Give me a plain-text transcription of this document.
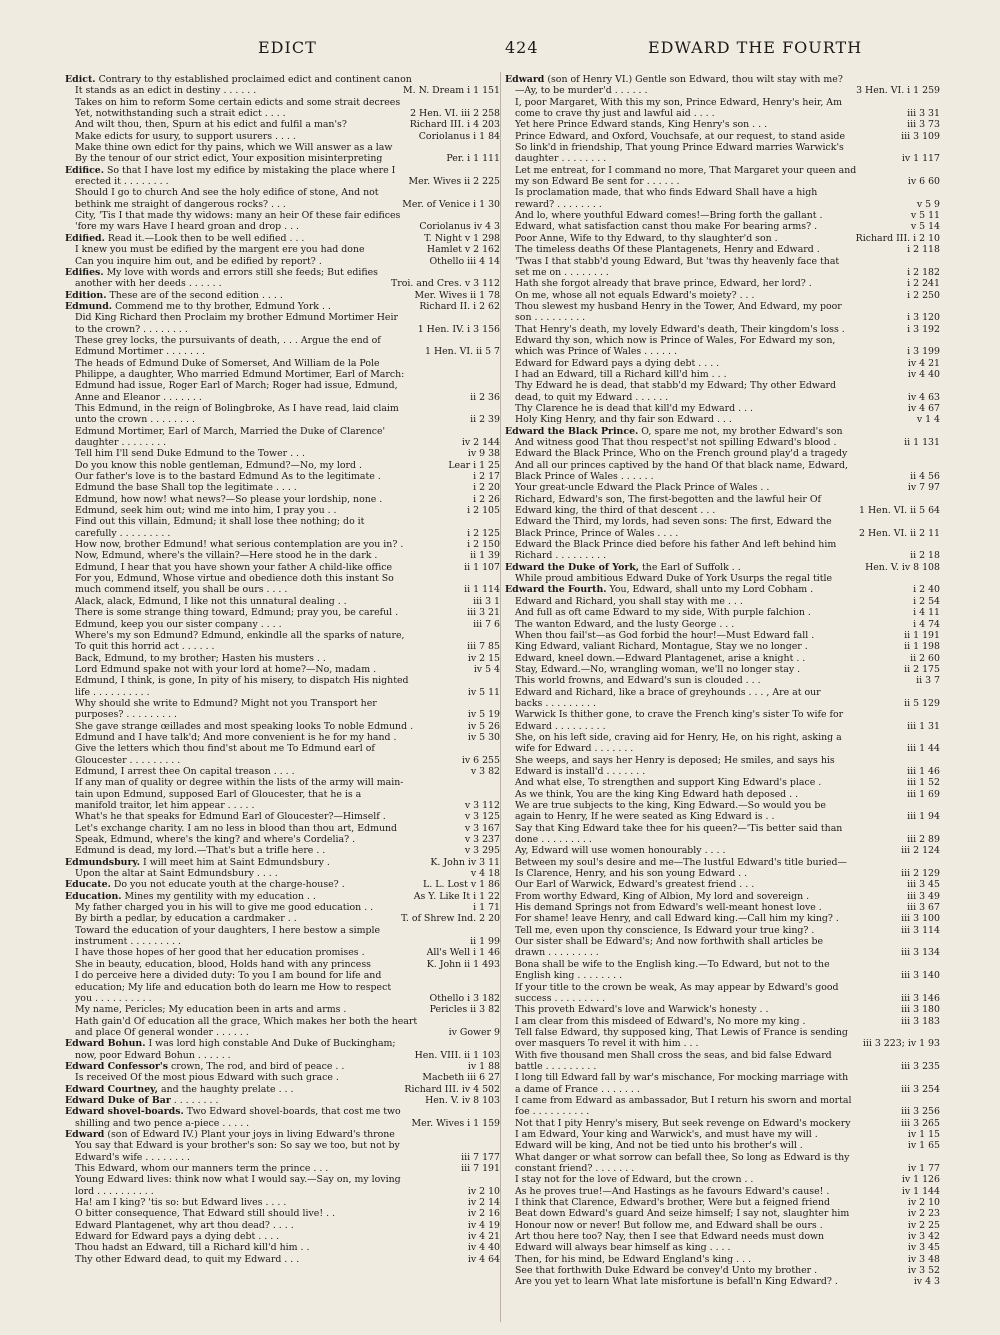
EDICT	424	EDWARD THE FOURTH
Edict. Contrary to thy established proclaimed edict and continent canon
It stands as an edict in destiny . . . . . .	M. N. Dream i 1 151
Takes on him to reform Some certain edicts and some strait decrees
Yet, notwithstanding such a strait edict . . . .	2 Hen. VI. iii 2 258
And wilt thou, then, Spurn at his edict and fulfil a man's?	Richard III. i 4 203
Make edicts for usury, to support usurers . . . .	Coriolanus i 1 84
Make thine own edict for thy pains, which we Will answer as a law
By the tenour of our strict edict, Your exposition misinterpreting	Per. i 1 111
Edifice. So that I have lost my edifice by mistaking the place where I
erected it . . . . . . . .	Mer. Wives ii 2 225
Should I go to church And see the holy edifice of stone, And not
bethink me straight of dangerous rocks? . . .	Mer. of Venice i 1 30
City, 'Tis I that made thy widows: many an heir Of these fair edifices
'fore my wars Have I heard groan and drop . . .	Coriolanus iv 4 3
Edified. Read it.—Look then to be well edified . . .	T. Night v 1 298
I knew you must be edified by the margent ere you had done	Hamlet v 2 162
Can you inquire him out, and be edified by report? .	Othello iii 4 14
Edifies. My love with words and errors still she feeds; But edifies
another with her deeds . . . . . .	Troi. and Cres. v 3 112
Edition. These are of the second edition . . . .	Mer. Wives ii 1 78
Edmund. Commend me to thy brother, Edmund York . .	Richard II. i 2 62
Did King Richard then Proclaim my brother Edmund Mortimer Heir
to the crown? . . . . . . . .	1 Hen. IV. i 3 156
These grey locks, the pursuivants of death, . . . Argue the end of
Edmund Mortimer . . . . . . .	1 Hen. VI. ii 5 7
The heads of Edmund Duke of Somerset, And William de la Pole
Philippe, a daughter, Who married Edmund Mortimer, Earl of March:
Edmund had issue, Roger Earl of March; Roger had issue, Edmund,
Anne and Eleanor . . . . . . .	ii 2 36
This Edmund, in the reign of Bolingbroke, As I have read, laid claim
unto the crown . . . . . . . .	ii 2 39
Edmund Mortimer, Earl of March, Married the Duke of Clarence'
daughter . . . . . . . .	iv 2 144
Tell him I'll send Duke Edmund to the Tower . . .	iv 9 38
Do you know this noble gentleman, Edmund?—No, my lord .	Lear i 1 25
Our father's love is to the bastard Edmund As to the legitimate .	i 2 17
Edmund the base Shall top the legitimate . . . .	i 2 20
Edmund, how now! what news?—So please your lordship, none .	i 2 26
Edmund, seek him out; wind me into him, I pray you . .	i 2 105
Find out this villain, Edmund; it shall lose thee nothing; do it
carefully . . . . . . . . .	i 2 125
How now, brother Edmund! what serious contemplation are you in? .	i 2 150
Now, Edmund, where's the villain?—Here stood he in the dark .	ii 1 39
Edmund, I hear that you have shown your father A child-like office	ii 1 107
For you, Edmund, Whose virtue and obedience doth this instant So
much commend itself, you shall be ours . . . .	ii 1 114
Alack, alack, Edmund, I like not this unnatural dealing . .	iii 3 1
There is some strange thing toward, Edmund; pray you, be careful .	iii 3 21
Edmund, keep you our sister company . . . .	iii 7 6
Where's my son Edmund? Edmund, enkindle all the sparks of nature,
To quit this horrid act . . . . . .	iii 7 85
Back, Edmund, to my brother; Hasten his musters . .	iv 2 15
Lord Edmund spake not with your lord at home?—No, madam .	iv 5 4
Edmund, I think, is gone, In pity of his misery, to dispatch His nighted
life . . . . . . . . . .	iv 5 11
Why should she write to Edmund? Might not you Transport her
purposes? . . . . . . . . .	iv 5 19
She gave strange œillades and most speaking looks To noble Edmund .	iv 5 26
Edmund and I have talk'd; And more convenient is he for my hand .	iv 5 30
Give the letters which thou find'st about me To Edmund earl of
Gloucester . . . . . . . . .	iv 6 255
Edmund, I arrest thee On capital treason . . . .	v 3 82
If any man of quality or degree within the lists of the army will main-
tain upon Edmund, supposed Earl of Gloucester, that he is a
manifold traitor, let him appear . . . . .	v 3 112
What's he that speaks for Edmund Earl of Gloucester?—Himself .	v 3 125
Let's exchange charity. I am no less in blood than thou art, Edmund	v 3 167
Speak, Edmund, where's the king? and where's Cordelia? .	v 3 237
Edmund is dead, my lord.—That's but a trifle here . .	v 3 295
Edmundsbury. I will meet him at Saint Edmundsbury .	K. John iv 3 11
Upon the altar at Saint Edmundsbury . . . .	v 4 18
Educate. Do you not educate youth at the charge-house? .	L. L. Lost v 1 86
Education. Mines my gentility with my education . .	As Y. Like It i 1 22
My father charged you in his will to give me good education . .	i 1 71
By birth a pedlar, by education a cardmaker . .	T. of Shrew Ind. 2 20
Toward the education of your daughters, I here bestow a simple
instrument . . . . . . . . .	ii 1 99
I have those hopes of her good that her education promises .	All's Well i 1 46
She in beauty, education, blood, Holds hand with any princess	K. John ii 1 493
I do perceive here a divided duty: To you I am bound for life and
education; My life and education both do learn me How to respect
you . . . . . . . . . .	Othello i 3 182
My name, Pericles; My education been in arts and arms .	Pericles ii 3 82
Hath gain'd Of education all the grace, Which makes her both the heart
and place Of general wonder . . . . . .	iv Gower 9
Edward Bohun. I was lord high constable And Duke of Buckingham;
now, poor Edward Bohun . . . . . .	Hen. VIII. ii 1 103
Edward Confessor's crown, The rod, and bird of peace . .	iv 1 88
Is received Of the most pious Edward with such grace .	Macbeth iii 6 27
Edward Courtney, and the haughty prelate . . .	Richard III. iv 4 502
Edward Duke of Bar . . . . . . . .	Hen. V. iv 8 103
Edward shovel-boards. Two Edward shovel-boards, that cost me two
shilling and two pence a-piece . . . . .	Mer. Wives i 1 159
Edward (son of Edward IV.) Plant your joys in living Edward's throne
You say that Edward is your brother's son: So say we too, but not by
Edward's wife . . . . . . . .	iii 7 177
This Edward, whom our manners term the prince . . .	iii 7 191
Young Edward lives: think now what I would say.—Say on, my loving
lord . . . . . . . . . .	iv 2 10
Ha! am I king? 'tis so: but Edward lives . . . .	iv 2 14
O bitter consequence, That Edward still should live! . .	iv 2 16
Edward Plantagenet, why art thou dead? . . . .	iv 4 19
Edward for Edward pays a dying debt . . . .	iv 4 21
Thou hadst an Edward, till a Richard kill'd him . .	iv 4 40
Thy other Edward dead, to quit my Edward . . .	iv 4 64
Edward (son of Henry VI.) Gentle son Edward, thou wilt stay with me?
—Ay, to be murder'd . . . . . .	3 Hen. VI. i 1 259
I, poor Margaret, With this my son, Prince Edward, Henry's heir, Am
come to crave thy just and lawful aid . . . .	iii 3 31
Yet here Prince Edward stands, King Henry's son . . .	iii 3 73
Prince Edward, and Oxford, Vouchsafe, at our request, to stand aside	iii 3 109
So link'd in friendship, That young Prince Edward marries Warwick's
daughter . . . . . . . .	iv 1 117
Let me entreat, for I command no more, That Margaret your queen and
my son Edward Be sent for . . . . . .	iv 6 60
Is proclamation made, that who finds Edward Shall have a high
reward? . . . . . . . .	v 5 9
And lo, where youthful Edward comes!—Bring forth the gallant .	v 5 11
Edward, what satisfaction canst thou make For bearing arms? .	v 5 14
Poor Anne, Wife to thy Edward, to thy slaughter'd son .	Richard III. i 2 10
The timeless deaths Of these Plantagenets, Henry and Edward .	i 2 118
'Twas I that stabb'd young Edward, But 'twas thy heavenly face that
set me on . . . . . . . .	i 2 182
Hath she forgot already that brave prince, Edward, her lord? .	i 2 241
On me, whose all not equals Edward's moiety? . . .	i 2 250
Thou slewest my husband Henry in the Tower, And Edward, my poor
son . . . . . . . . .	i 3 120
That Henry's death, my lovely Edward's death, Their kingdom's loss .	i 3 192
Edward thy son, which now is Prince of Wales, For Edward my son,
which was Prince of Wales . . . . . .	i 3 199
Edward for Edward pays a dying debt . . . .	iv 4 21
I had an Edward, till a Richard kill'd him . . .	iv 4 40
Thy Edward he is dead, that stabb'd my Edward; Thy other Edward
dead, to quit my Edward . . . . . .	iv 4 63
Thy Clarence he is dead that kill'd my Edward . . .	iv 4 67
Holy King Henry, and thy fair son Edward . . .	v 1 4
Edward the Black Prince. O, spare me not, my brother Edward's son
And witness good That thou respect'st not spilling Edward's blood .	ii 1 131
Edward the Black Prince, Who on the French ground play'd a tragedy
And all our princes captived by the hand Of that black name, Edward,
Black Prince of Wales . . . . . .	ii 4 56
Your great-uncle Edward the Plack Prince of Wales . .	iv 7 97
Richard, Edward's son, The first-begotten and the lawful heir Of
Edward king, the third of that descent . . .	1 Hen. VI. ii 5 64
Edward the Third, my lords, had seven sons: The first, Edward the
Black Prince, Prince of Wales . . . .	2 Hen. VI. ii 2 11
Edward the Black Prince died before his father And left behind him
Richard . . . . . . . . .	ii 2 18
Edward the Duke of York, the Earl of Suffolk . .	Hen. V. iv 8 108
While proud ambitious Edward Duke of York Usurps the regal title
Edward the Fourth. You, Edward, shall unto my Lord Cobham .	i 2 40
Edward and Richard, you shall stay with me . . .	i 2 54
And full as oft came Edward to my side, With purple falchion .	i 4 11
The wanton Edward, and the lusty George . . .	i 4 74
When thou fail'st—as God forbid the hour!—Must Edward fall .	ii 1 191
King Edward, valiant Richard, Montague, Stay we no longer .	ii 1 198
Edward, kneel down.—Edward Plantagenet, arise a knight . .	ii 2 60
Stay, Edward.—No, wrangling woman, we'll no longer stay .	ii 2 175
This world frowns, and Edward's sun is clouded . . .	ii 3 7
Edward and Richard, like a brace of greyhounds . . . , Are at our
backs . . . . . . . . .	ii 5 129
Warwick Is thither gone, to crave the French king's sister To wife for
Edward . . . . . . . . .	iii 1 31
She, on his left side, craving aid for Henry, He, on his right, asking a
wife for Edward . . . . . . .	iii 1 44
She weeps, and says her Henry is deposed; He smiles, and says his
Edward is install'd . . . . . . .	iii 1 46
And what else, To strengthen and support King Edward's place .	iii 1 52
As we think, You are the king King Edward hath deposed . .	iii 1 69
We are true subjects to the king, King Edward.—So would you be
again to Henry, If he were seated as King Edward is . .	iii 1 94
Say that King Edward take thee for his queen?—'Tis better said than
done . . . . . . . . .	iii 2 89
Ay, Edward will use women honourably . . . .	iii 2 124
Between my soul's desire and me—The lustful Edward's title buried—
Is Clarence, Henry, and his son young Edward . .	iii 2 129
Our Earl of Warwick, Edward's greatest friend . . .	iii 3 45
From worthy Edward, King of Albion, My lord and sovereign .	iii 3 49
His demand Springs not from Edward's well-meant honest love .	iii 3 67
For shame! leave Henry, and call Edward king.—Call him my king? .	iii 3 100
Tell me, even upon thy conscience, Is Edward your true king? .	iii 3 114
Our sister shall be Edward's; And now forthwith shall articles be
drawn . . . . . . . . .	iii 3 134
Bona shall be wife to the English king.—To Edward, but not to the
English king . . . . . . . .	iii 3 140
If your title to the crown be weak, As may appear by Edward's good
success . . . . . . . . .	iii 3 146
This proveth Edward's love and Warwick's honesty . .	iii 3 180
I am clear from this misdeed of Edward's, No more my king .	iii 3 183
Tell false Edward, thy supposed king, That Lewis of France is sending
over masquers To revel it with him . . .	iii 3 223; iv 1 93
With five thousand men Shall cross the seas, and bid false Edward
battle . . . . . . . . .	iii 3 235
I long till Edward fall by war's mischance, For mocking marriage with
a dame of France . . . . . . .	iii 3 254
I came from Edward as ambassador, But I return his sworn and mortal
foe . . . . . . . . . .	iii 3 256
Not that I pity Henry's misery, But seek revenge on Edward's mockery	iii 3 265
I am Edward, Your king and Warwick's, and must have my will .	iv 1 15
Edward will be king, And not be tied unto his brother's will .	iv 1 65
What danger or what sorrow can befall thee, So long as Edward is thy
constant friend? . . . . . . .	iv 1 77
I stay not for the love of Edward, but the crown . .	iv 1 126
As he proves true!—And Hastings as he favours Edward's cause! .	iv 1 144
I think that Clarence, Edward's brother, Were but a feigned friend	iv 2 10
Beat down Edward's guard And seize himself; I say not, slaughter him	iv 2 23
Honour now or never! But follow me, and Edward shall be ours .	iv 2 25
Art thou here too? Nay, then I see that Edward needs must down	iv 3 42
Edward will always bear himself as king . . . .	iv 3 45
Then, for his mind, be Edward England's king . . .	iv 3 48
See that forthwith Duke Edward be convey'd Unto my brother .	iv 3 52
Are you yet to learn What late misfortune is befall'n King Edward? .	iv 4 3
